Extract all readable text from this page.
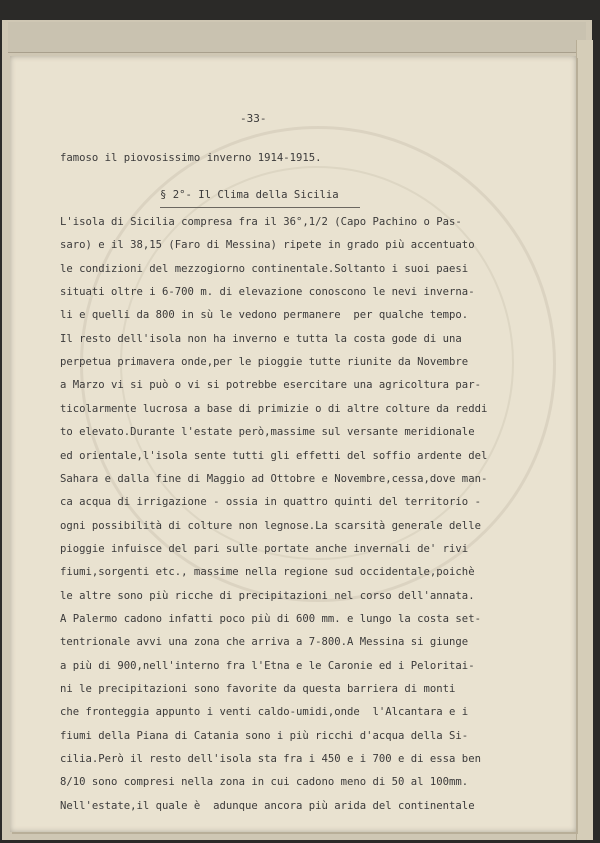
-33-
famoso il piovosissimo inverno 1914-1915.
§ 2°- Il Clima della Sicilia
L'isola di Sicilia compresa fra il 36°,1/2 (Capo Pachino o Pas-
saro) e il 38,15 (Faro di Messina) ripete in grado più accentuato
le condizioni del mezzogiorno continentale.Soltanto i suoi paesi
situati oltre i 6-700 m. di elevazione conoscono le nevi inverna-
li e quelli da 800 in sù le vedono permanere  per qualche tempo.
Il resto dell'isola non ha inverno e tutta la costa gode di una
perpetua primavera onde,per le pioggie tutte riunite da Novembre
a Marzo vi si può o vi si potrebbe esercitare una agricoltura par-
ticolarmente lucrosa a base di primizie o di altre colture da reddi
to elevato.Durante l'estate però,massime sul versante meridionale
ed orientale,l'isola sente tutti gli effetti del soffio ardente del
Sahara e dalla fine di Maggio ad Ottobre e Novembre,cessa,dove man-
ca acqua di irrigazione - ossia in quattro quinti del territorio -
ogni possibilità di colture non legnose.La scarsità generale delle
pioggie infuisce del pari sulle portate anche invernali de' rivi
fiumi,sorgenti etc., massime nella regione sud occidentale,poichè
le altre sono più ricche di precipitazioni nel corso dell'annata.
A Palermo cadono infatti poco più di 600 mm. e lungo la costa set-
tentrionale avvi una zona che arriva a 7-800.A Messina si giunge
a più di 900,nell'interno fra l'Etna e le Caronie ed i Peloritai-
ni le precipitazioni sono favorite da questa barriera di monti
che fronteggia appunto i venti caldo-umidi,onde  l'Alcantara e i
fiumi della Piana di Catania sono i più ricchi d'acqua della Si-
cilia.Però il resto dell'isola sta fra i 450 e i 700 e di essa ben
8/10 sono compresi nella zona in cui cadono meno di 50 al 100mm.
Nell'estate,il quale è  adunque ancora più arida del continentale
